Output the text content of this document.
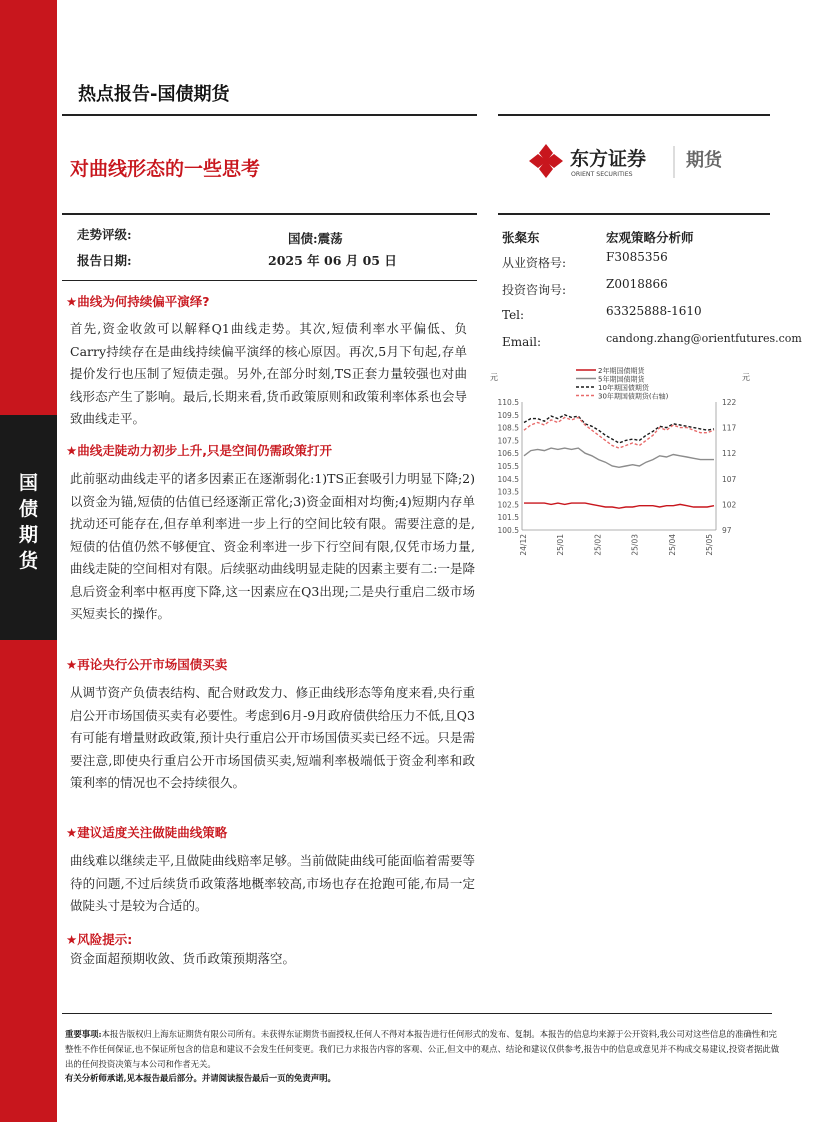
国
债
期
货
热点报告-国债期货
对曲线形态的一些思考	东方证券
ORIENT SECURITIES
期货
走势评级:	国债:震荡
报告日期:	2025 年 06 月 05 日
张粲东	宏观策略分析师
从业资格号:	F3085356
投资咨询号:	Z0018866
Tel:	63325888-1610
Email:	candong.zhang@orientfutures.com
★曲线为何持续偏平演绎?
首先,资金收敛可以解释Q1曲线走势。其次,短债利率水平偏低、负Carry持续存在是曲线持续偏平演绎的核心原因。再次,5月下旬起,存单提价发行也压制了短债走强。另外,在部分时刻,TS正套力量较强也对曲线形态产生了影响。最后,长期来看,货币政策原则和政策利率体系也会导致曲线走平。
★曲线走陡动力初步上升,只是空间仍需政策打开
此前驱动曲线走平的诸多因素正在逐渐弱化:1)TS正套吸引力明显下降;2)以资金为锚,短债的估值已经逐渐正常化;3)资金面相对均衡;4)短期内存单扰动还可能存在,但存单利率进一步上行的空间比较有限。需要注意的是,短债的估值仍然不够便宜、资金利率进一步下行空间有限,仅凭市场力量,曲线走陡的空间相对有限。后续驱动曲线明显走陡的因素主要有二:一是降息后资金利率中枢再度下降,这一因素应在Q3出现;二是央行重启二级市场买短卖长的操作。
★再论央行公开市场国债买卖
从调节资产负债表结构、配合财政发力、修正曲线形态等角度来看,央行重启公开市场国债买卖有必要性。考虑到6月-9月政府债供给压力不低,且Q3有可能有增量财政政策,预计央行重启公开市场国债买卖已经不远。只是需要注意,即使央行重启公开市场国债买卖,短端利率极端低于资金利率和政策利率的情况也不会持续很久。
★建议适度关注做陡曲线策略
曲线难以继续走平,且做陡曲线赔率足够。当前做陡曲线可能面临着需要等待的问题,不过后续货币政策落地概率较高,市场也存在抢跑可能,布局一定做陡头寸是较为合适的。
★风险提示:
资金面超预期收敛、货币政策预期落空。
元	元
100.5
101.5
102.5
103.5
104.5
105.5
106.5
107.5
108.5
109.5
110.5
97
102
107
112
117
122
24/12	25/01	25/02	25/03	25/04	25/05
2年期国债期货
5年期国债期货
10年期国债期货
30年期国债期货(右轴)
重要事项:本报告版权归上海东证期货有限公司所有。未获得东证期货书面授权,任何人不得对本报告进行任何形式的发布、复制。本报告的信息均来源于公开资料,我公司对这些信息的准确性和完整性不作任何保证,也不保证所包含的信息和建议不会发生任何变更。我们已力求报告内容的客观、公正,但文中的观点、结论和建议仅供参考,报告中的信息或意见并不构成交易建议,投资者据此做出的任何投资决策与本公司和作者无关。
有关分析师承诺,见本报告最后部分。并请阅读报告最后一页的免责声明。
